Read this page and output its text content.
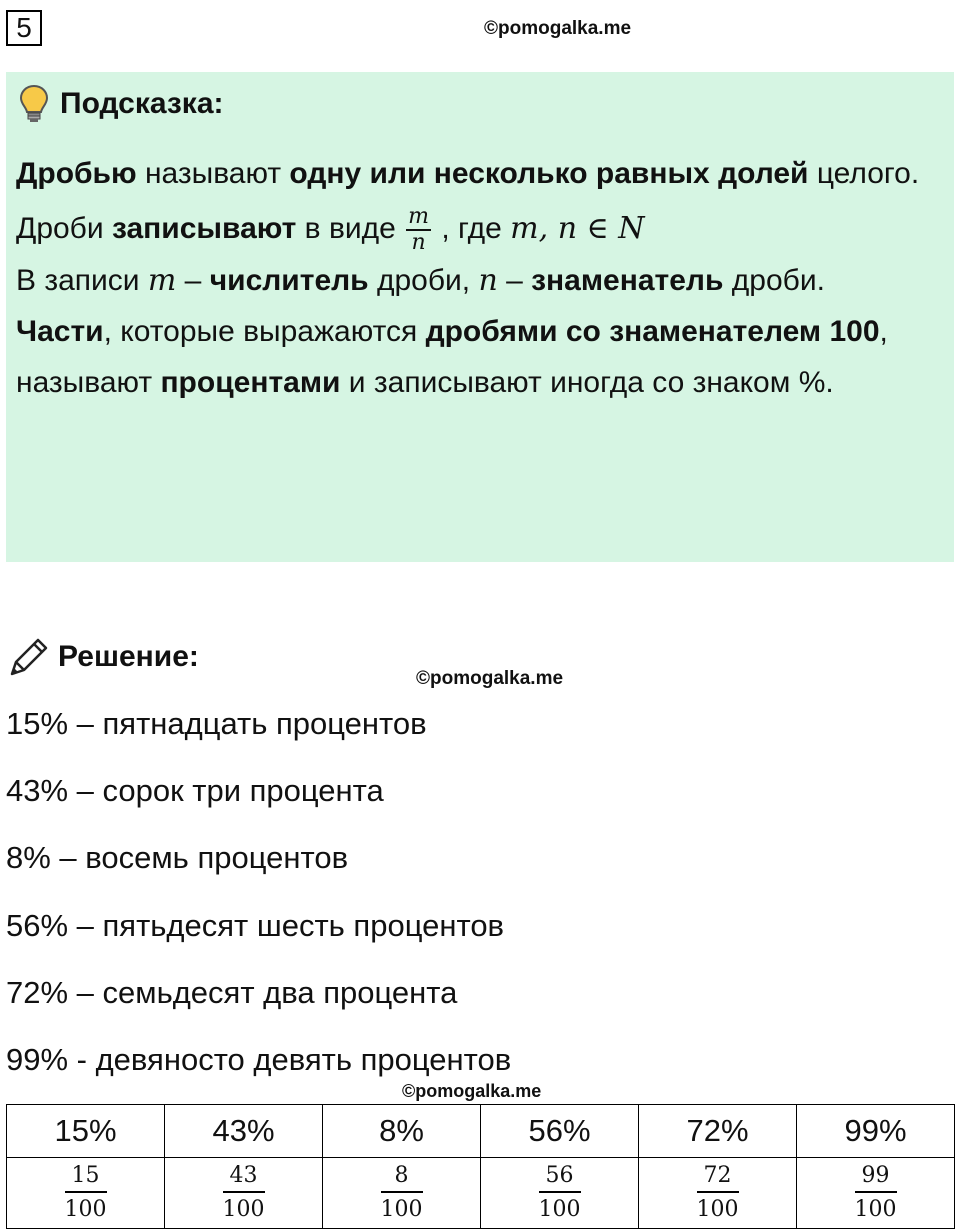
5	©pomogalka.me
Подсказка:

Дробью называют одну или несколько равных долей целого.

Дроби записывают в виде $\frac{m}{n}$ , где m, n ∈ N

В записи m – числитель дроби, n – знаменатель дроби.

Части, которые выражаются дробями со знаменателем 100, называют процентами и записывают иногда со знаком %.

Решение:
©pomogalka.me
15% – пятнадцать процентов
43% – сорок три процента
8% – восемь процентов
56% – пятьдесят шесть процентов
72% – семьдесят два процента
99% - девяносто девять процентов
©pomogalka.me
15%	43%	8%	56%	72%	99%

$\frac{15}{100}$	$\frac{43}{100}$	$\frac{8}{100}$	$\frac{56}{100}$	$\frac{72}{100}$	$\frac{99}{100}$
